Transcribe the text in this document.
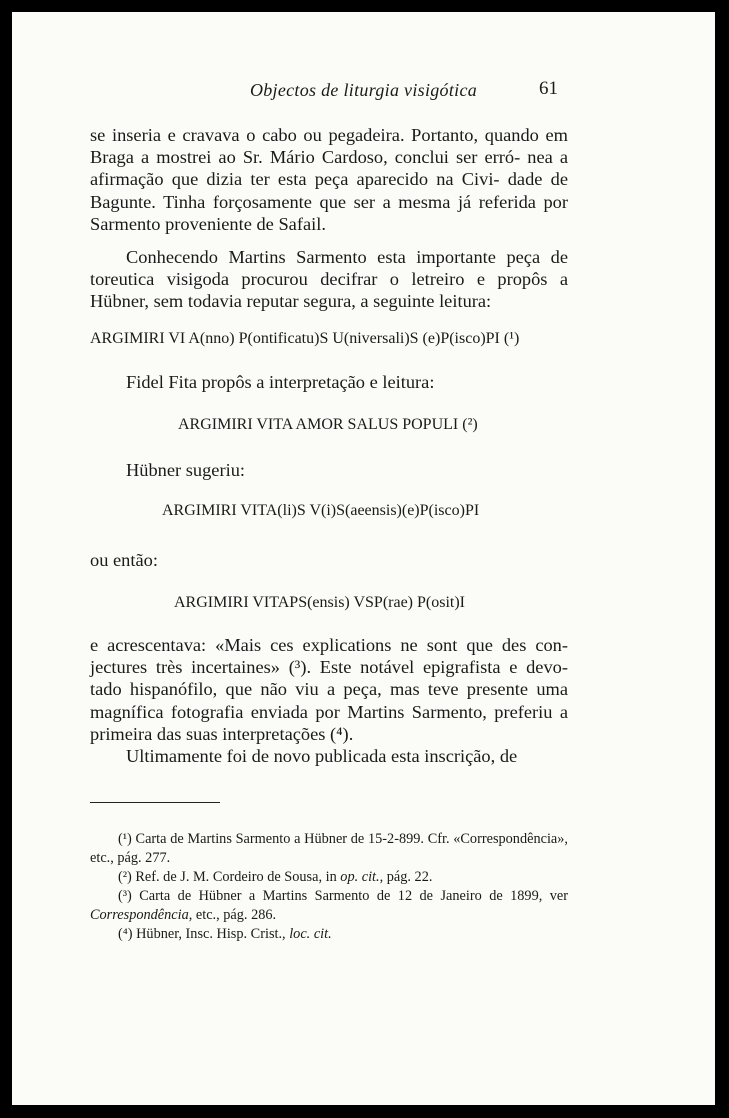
Objectos de liturgia visigótica	61

se inseria e cravava o cabo ou pegadeira. Portanto, quando em Braga a mostrei ao Sr. Mário Cardoso, conclui ser erró- nea a afirmação que dizia ter esta peça aparecido na Civi- dade de Bagunte. Tinha forçosamente que ser a mesma já referida por Sarmento proveniente de Safail.

Conhecendo Martins Sarmento esta importante peça de toreutica visigoda procurou decifrar o letreiro e propôs a Hübner, sem todavia reputar segura, a seguinte leitura:

ARGIMIRI VI A(nno) P(ontificatu)S U(niversali)S (e)P(isco)PI (¹)
Fidel Fita propôs a interpretação e leitura:
ARGIMIRI VITA AMOR SALUS POPULI (²)
Hübner sugeriu:
ARGIMIRI VITA(li)S V(i)S(aeensis)(e)P(isco)PI
ou então:
ARGIMIRI VITAPS(ensis) VSP(rae) P(osit)I

e acrescentava: «Mais ces explications ne sont que des con- jectures très incertaines» (³). Este notável epigrafista e devo- tado hispanófilo, que não viu a peça, mas teve presente uma magnífica fotografia enviada por Martins Sarmento, preferiu a primeira das suas interpretações (⁴).

Ultimamente foi de novo publicada esta inscrição, de

(¹) Carta de Martins Sarmento a Hübner de 15-2-899. Cfr. «Correspondência», etc., pág. 277.

(²) Ref. de J. M. Cordeiro de Sousa, in op. cit., pág. 22.

(³) Carta de Hübner a Martins Sarmento de 12 de Janeiro de 1899, ver Correspondência, etc., pág. 286.

(⁴) Hübner, Insc. Hisp. Crist., loc. cit.
